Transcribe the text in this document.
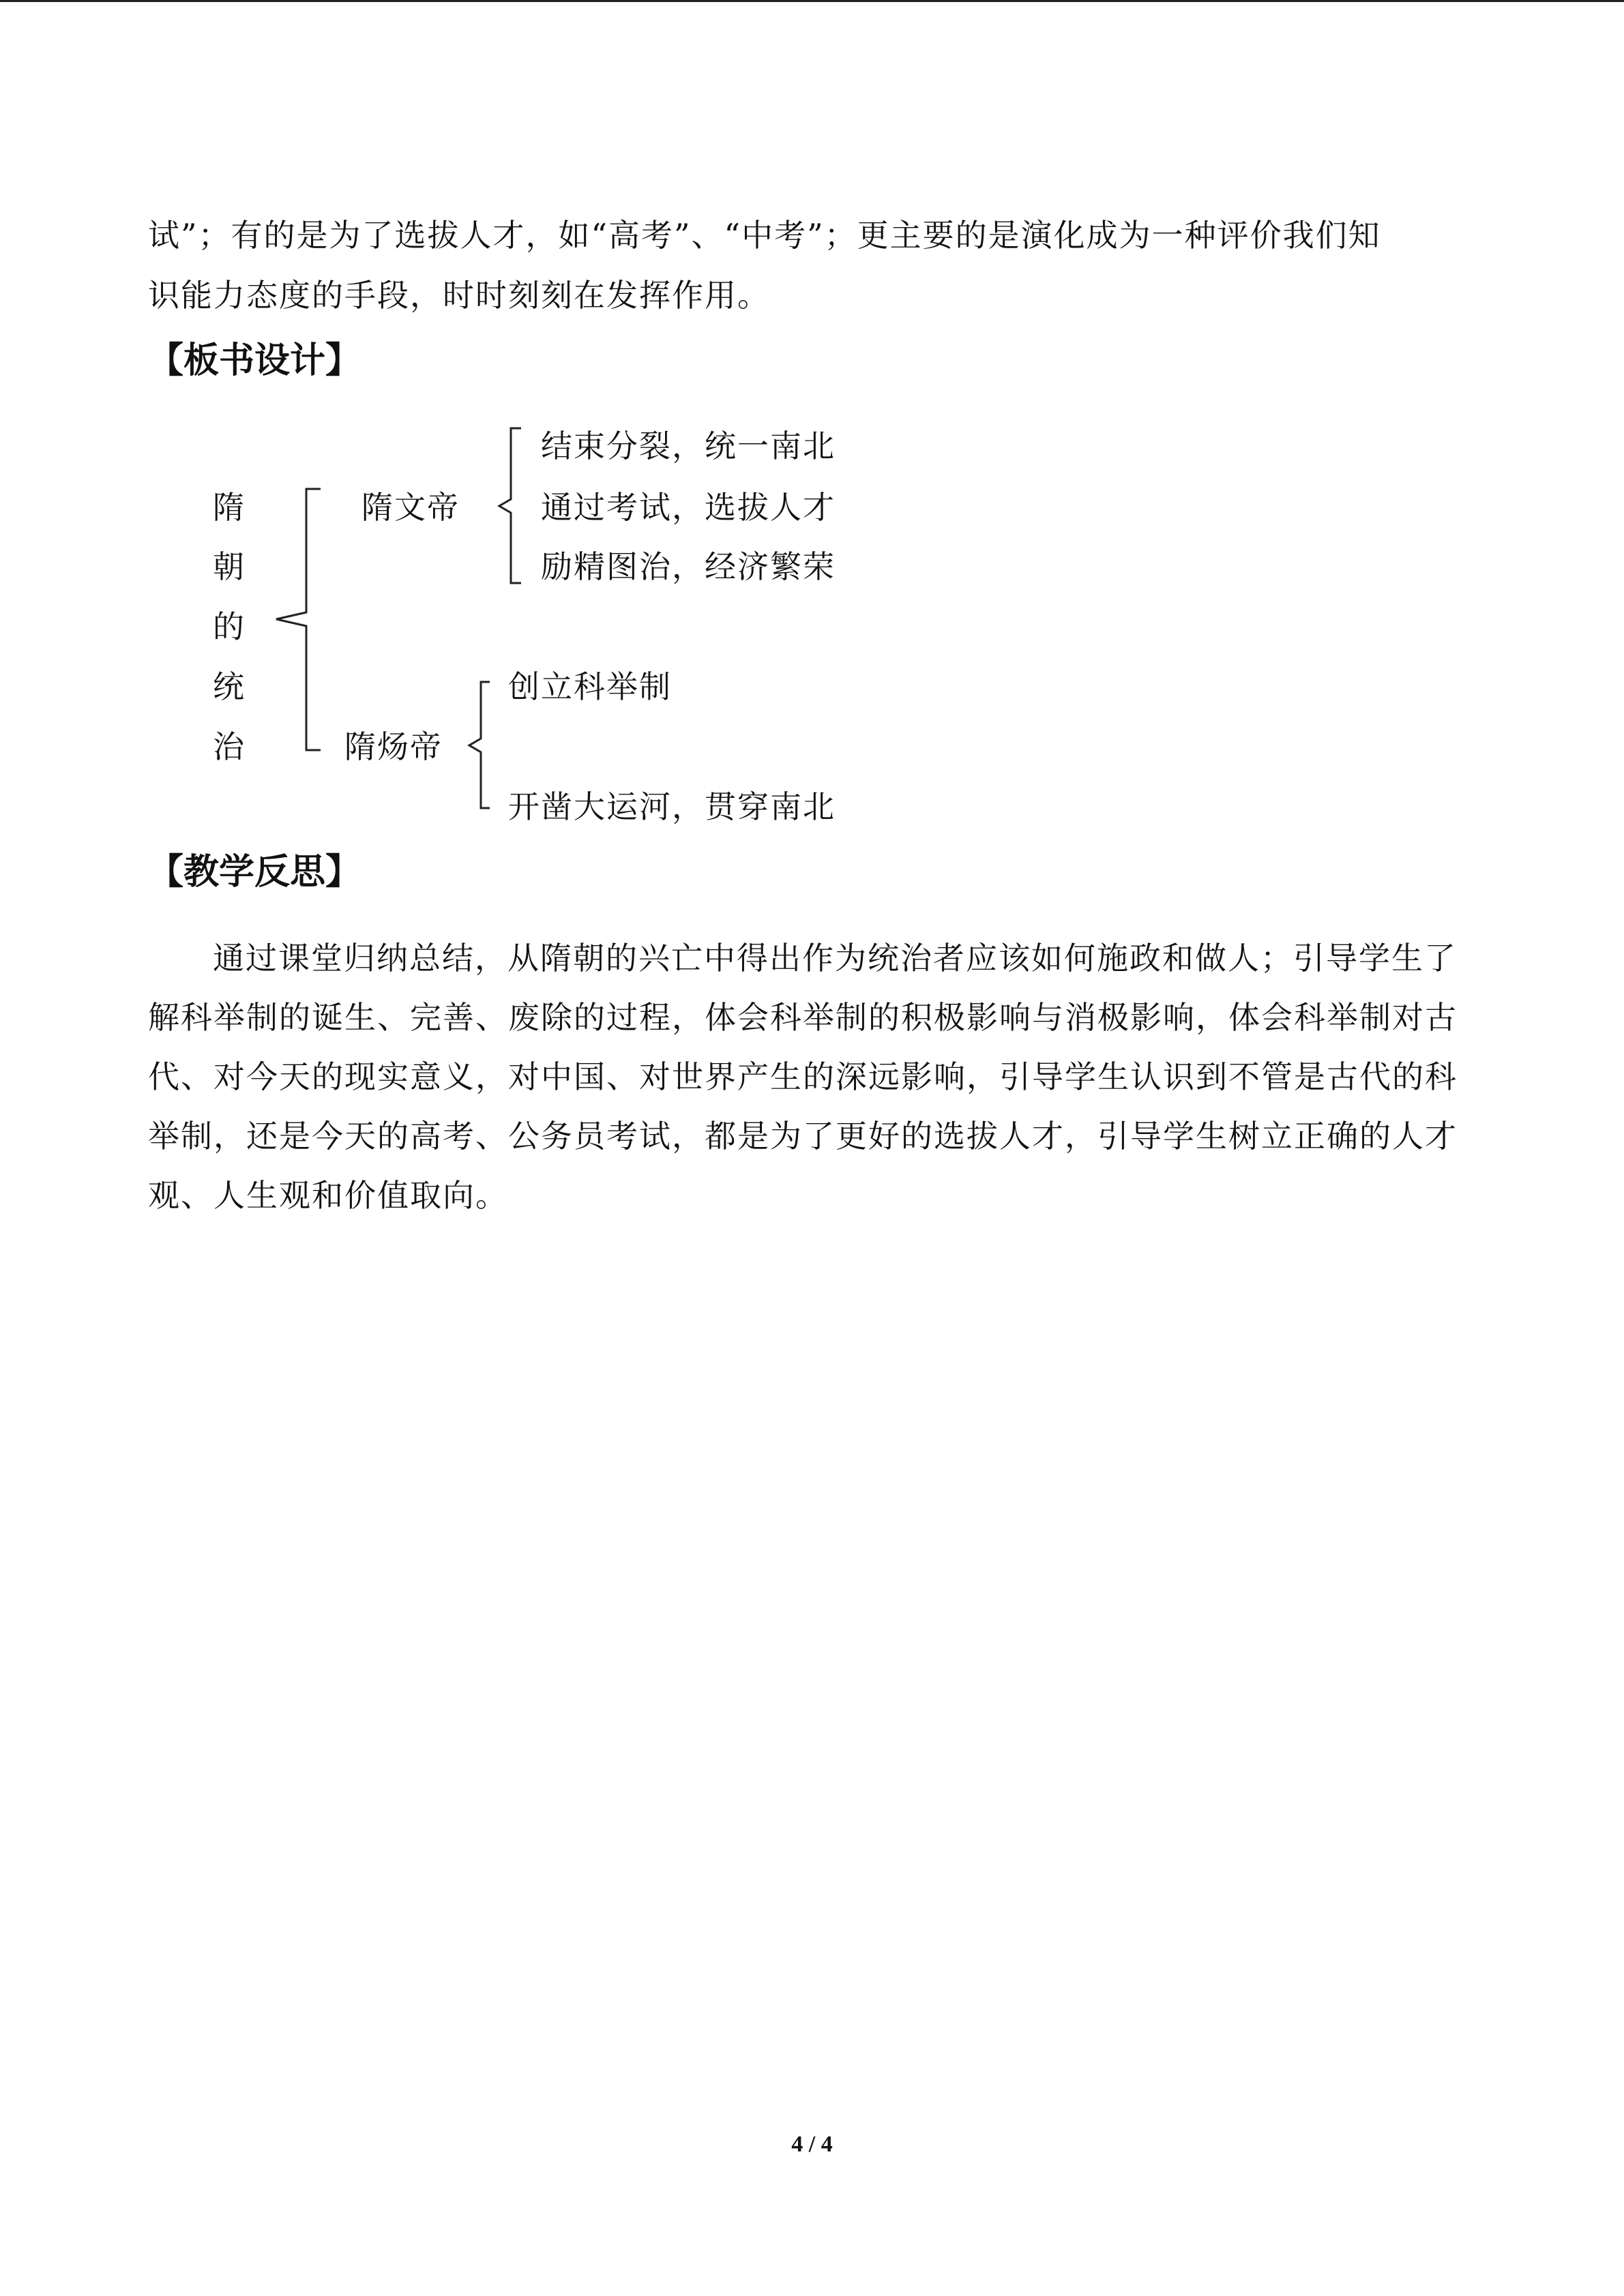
试”；有的是为了选拔人才，如“高考”、“中考”；更主要的是演化成为一种评价我们知
识能力态度的手段，时时刻刻在发挥作用。
【板书设计】
隋
朝
的
统
治
隋文帝
隋炀帝
结束分裂，统一南北
通过考试，选拔人才
励精图治，经济繁荣
创立科举制
开凿大运河，贯穿南北
【教学反思】
通过课堂归纳总结，从隋朝的兴亡中得出作为统治者应该如何施政和做人；引导学生了
解科举制的诞生、完善、废除的过程，体会科举制的积极影响与消极影响，体会科举制对古
代、对今天的现实意义，对中国、对世界产生的深远影响，引导学生认识到不管是古代的科
举制，还是今天的高考、公务员考试，都是为了更好的选拔人才，引导学生树立正确的人才
观、人生观和价值取向。
4 / 4
